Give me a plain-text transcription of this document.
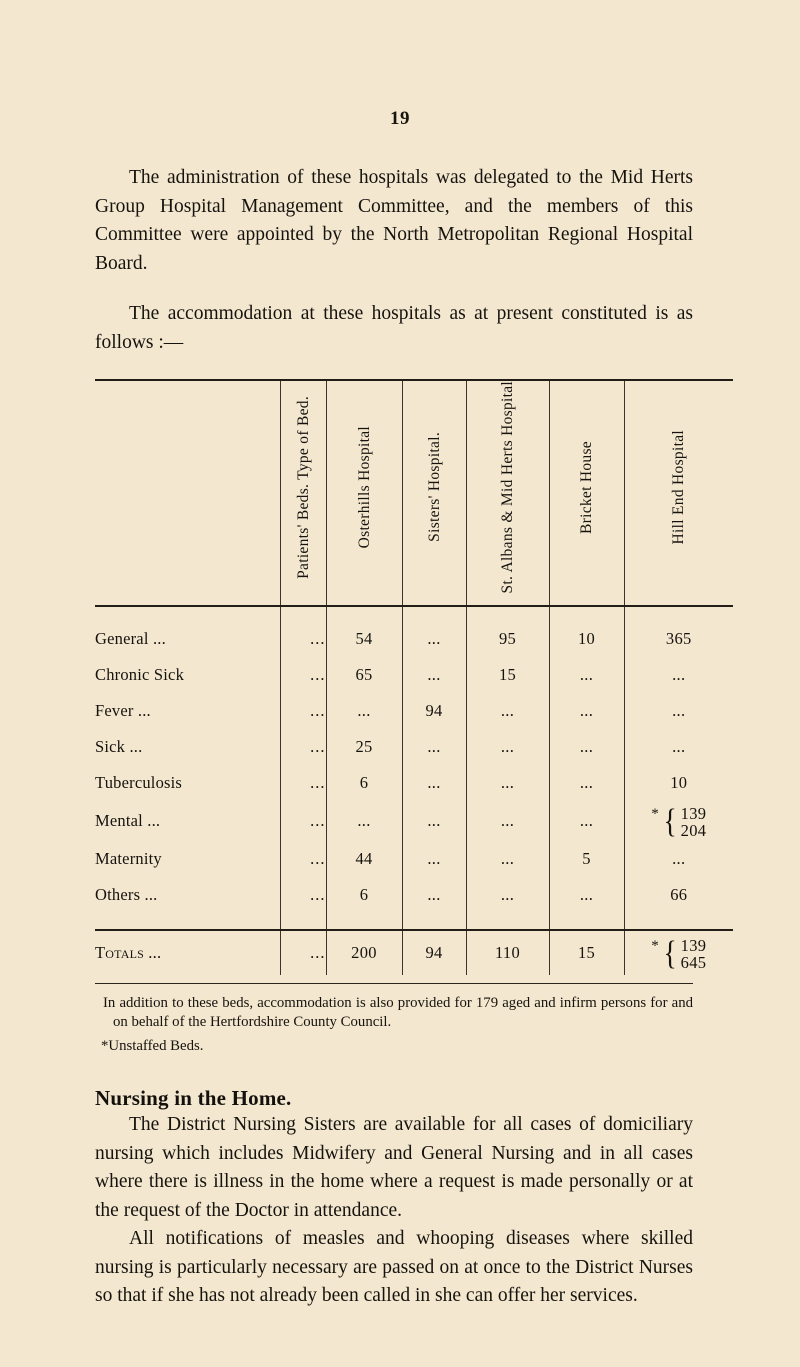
19

The administration of these hospitals was delegated to the Mid Herts Group Hospital Management Committee, and the members of this Committee were appointed by the North Metropolitan Regional Hospital Board.

The accommodation at these hospitals as at present constituted is as follows :—

	Patients' Beds. Type of Bed.	Osterhills Hospital	Sisters' Hospital.	St. Albans & Mid Herts Hospital	Bricket House	Hill End Hospital

General ...	...	54	...	95	10	365
Chronic Sick	...	65	...	15	...	...
Fever ...	...	...	94	...	...	...
Sick ...	...	25	...	...	...	...
Tuberculosis	...	6	...	...	...	10
Mental ...	...	...	...	...	...	* { 139
204

Maternity	...	44	...	...	5	...
Others ...	...	6	...	...	...	66

Totals ...	...	200	94	110	15	* { 139
645

In addition to these beds, accommodation is also provided for 179 aged and infirm persons for and on behalf of the Hertfordshire County Council.

*Unstaffed Beds.

Nursing in the Home.

The District Nursing Sisters are available for all cases of domiciliary nursing which includes Midwifery and General Nursing and in all cases where there is illness in the home where a request is made personally or at the request of the Doctor in attendance.

All notifications of measles and whooping diseases where skilled nursing is particularly necessary are passed on at once to the District Nurses so that if she has not already been called in she can offer her services.
